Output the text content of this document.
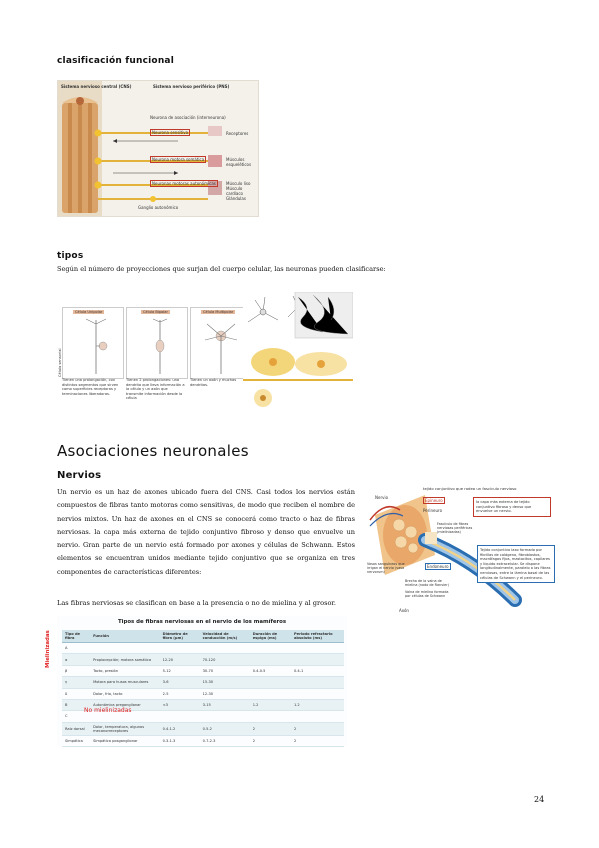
clasificación funcional
Sistema nervioso central (CNS)	Sistema nervioso periférico (PNS)
Neurona de asociación (interneurona)
Neurona sensitiva
Neurona motora somática
Neuronas motoras autonómicas
Receptores
Músculos esqueléticos
Músculo liso Músculo cardíaco Glándulas
Ganglio autonómico
tipos
Según el número de proyecciones que surjan del cuerpo celular, las neuronas pueden clasificarse:
Célula Unipolar
Célula sensorial
Célula Bipolar	Célula Multipolar
Tienen una prolongación, con distintos segmentos que sirven como superficies receptoras y terminaciones liberadoras.
Tienen 2 prolongaciones: una dendrita que lleva información a la célula y un axón que transmite información desde la célula
Tienen un axón y muchas dendritas.
Asociaciones neuronales
Nervios
Un nervio es un haz de axones ubicado fuera del CNS. Casi todos los nervios están compuestos de fibras tanto motoras como sensitivas, de modo que reciben el nombre de nervios mixtos. Un haz de axones en el CNS se conocerá como tracto o haz de fibras nerviosas. la capa más externa de tejido conjuntivo fibroso y denso que envuelve un nervio. Gran parte de un nervio está formado por axones y células de Schwann. Estos elementos se encuentran unidos mediante tejido conjuntivo que se organiza en tres componentes de características diferentes:
tejido conjuntivo que rodea un fascículo nervioso
Nervio
Epineuro
Perineuro
Fascículo de fibras nerviosas periféricas (mielinizadas)
Endoneuro
Vasos sanguíneos que irrigan el nervio (vasa nervorum)
Brecha de la vaina de mielina (nodo de Ranvier)
Vaina de mielina formada por células de Schwann
Axón
la capa más externa de tejido conjuntivo fibroso y denso que envuelve un nervio.
Tejido conjuntivo laxo formado por fibrillas de colágeno, fibroblastos, macrófagos fijos, mastocitos, capilares y líquido extracelular. Se dispone longitudinalmente, paralelo a las fibras nerviosas, entre la lámina basal de las células de Schwann y el perineuro.
Las fibras nerviosas se clasifican en base a la presencia o no de mielina y al grosor.
Tipos de fibras nerviosas en el nervio de los mamíferos
Tipo de fibra	Función	Diámetro de fibra (µm)	Velocidad de conducción (m/s)	Duración de espiga (ms)	Periodo refractario absoluto (ms)
A					
α	Propiocepción; motora somática	12-20	70-120		
β	Tacto, presión	5-12	30-70	0.4-0.5	0.4-1
γ	Motora para husos musculares	3-6	15-30		
δ	Dolor, frío, tacto	2-5	12-30		
B	Autonómica preganglionar	<3	3-15	1.2	1.2
C					
Raíz dorsal	Dolor, temperatura, algunos mecanorreceptores	0.4-1.2	0.5-2	2	2
Simpática	Simpática posganglionar	0.3-1.3	0.7-2.3	2	2
Mielinizadas
No mielinizadas
24
